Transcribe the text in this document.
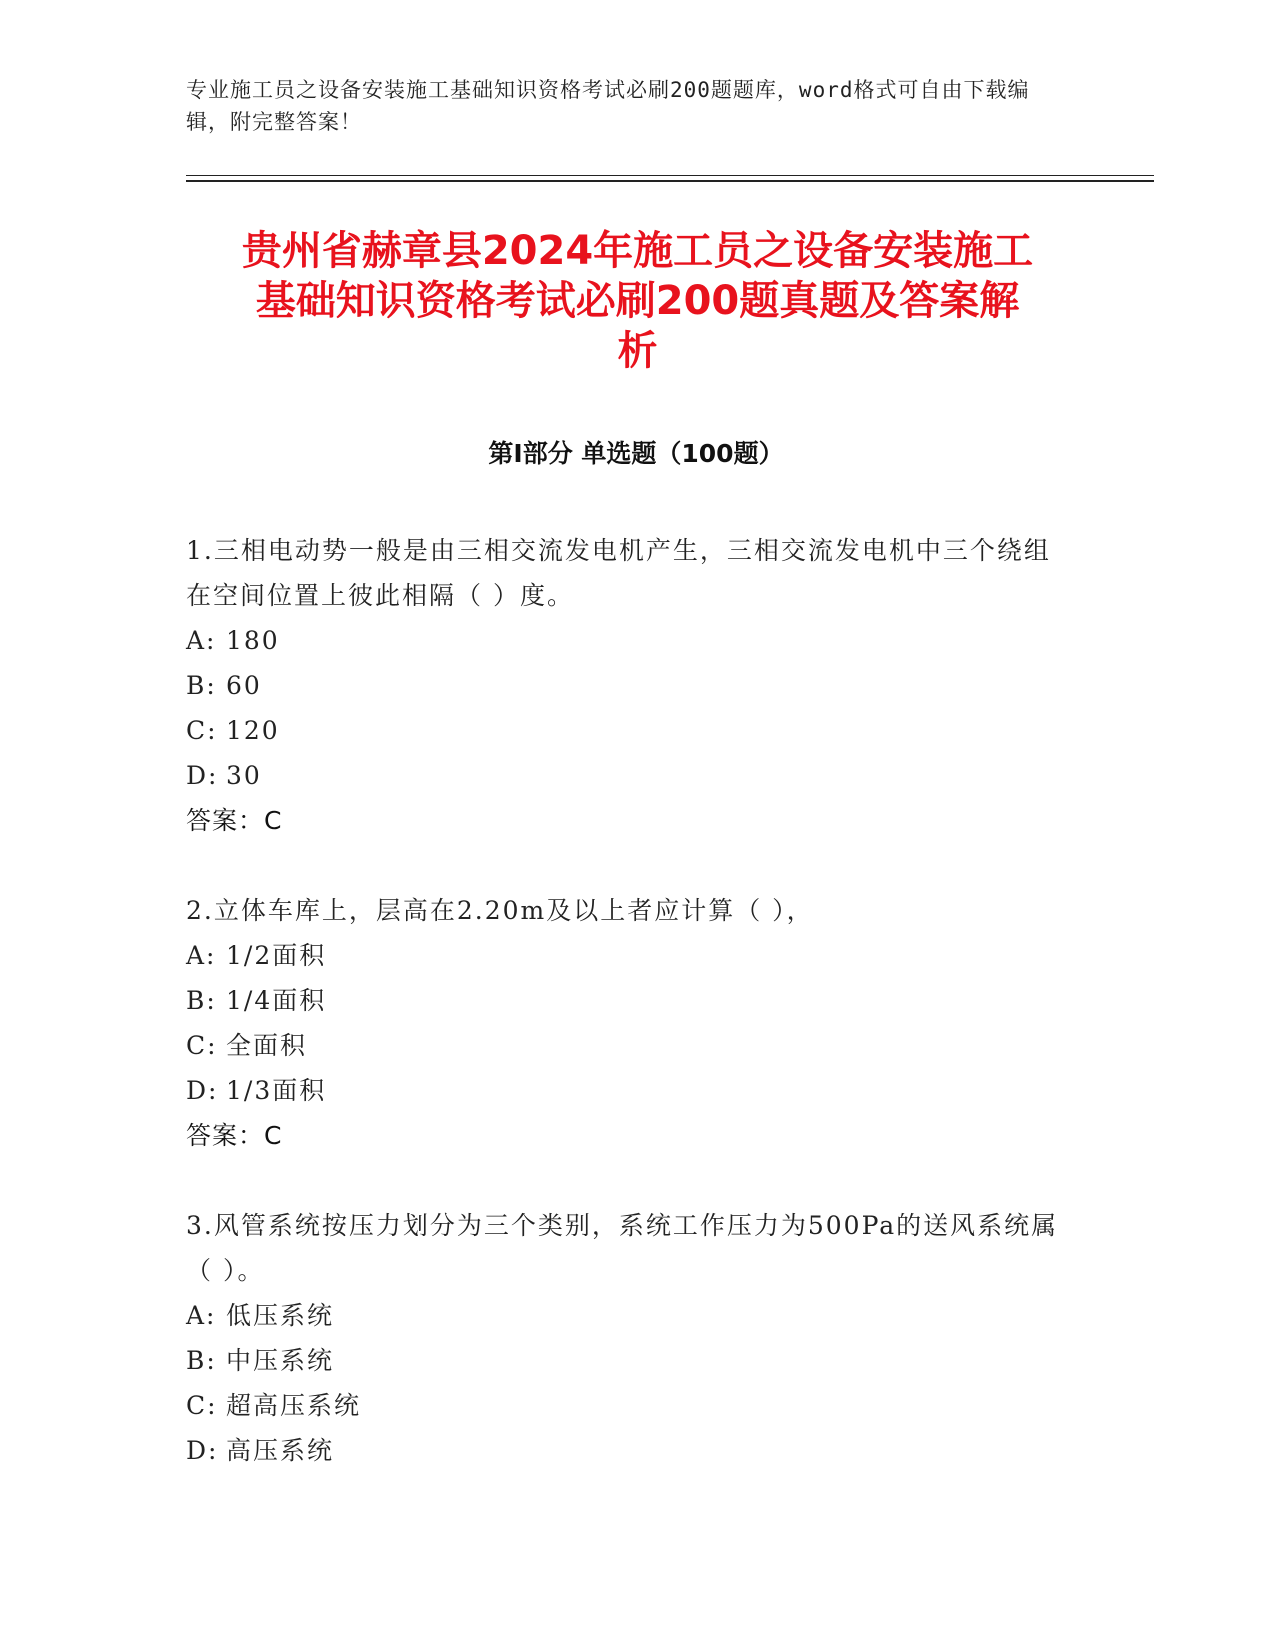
专业施工员之设备安装施工基础知识资格考试必刷200题题库，word格式可自由下载编辑，附完整答案！
贵州省赫章县2024年施工员之设备安装施工
基础知识资格考试必刷200题真题及答案解
析
第Ⅰ部分 单选题（100题）

1.三相电动势一般是由三相交流发电机产生，三相交流发电机中三个绕组在空间位置上彼此相隔（ ）度。

A: 180
B: 60
C: 120
D: 30
答案：C

2.立体车库上，层高在2.20m及以上者应计算（ ），

A: 1/2面积
B: 1/4面积
C: 全面积
D: 1/3面积
答案：C

3.风管系统按压力划分为三个类别，系统工作压力为500Pa的送风系统属（ ）。

A: 低压系统
B: 中压系统
C: 超高压系统
D: 高压系统
